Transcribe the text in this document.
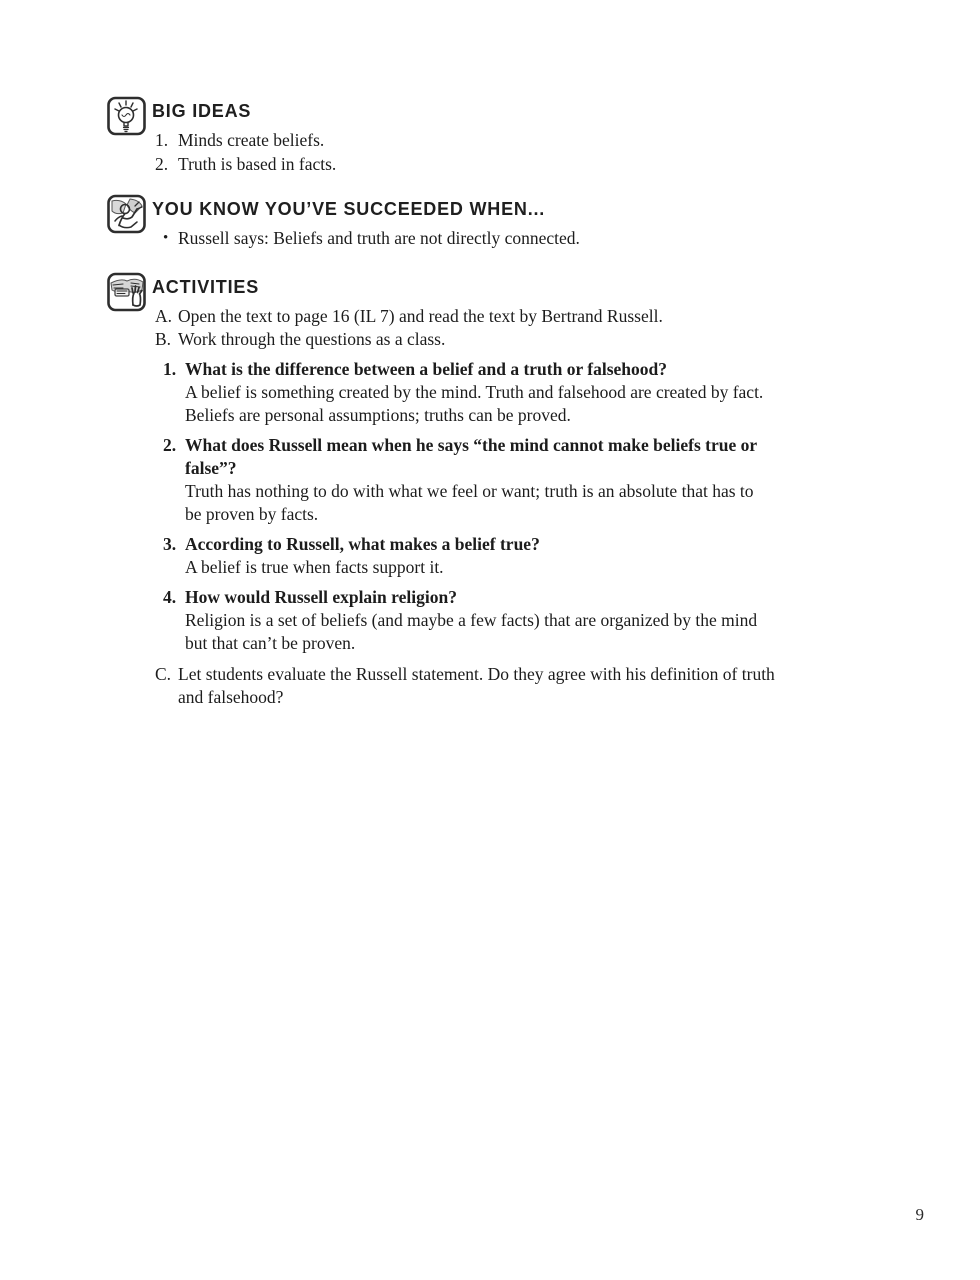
BIG IDEAS
1. Minds create beliefs.
2. Truth is based in facts.
YOU KNOW YOU’VE SUCCEEDED WHEN...
• Russell says: Beliefs and truth are not directly connected.
ACTIVITIES
A. Open the text to page 16 (IL 7) and read the text by Bertrand Russell.
B. Work through the questions as a class.
1. What is the difference between a belief and a truth or falsehood?
A belief is something created by the mind. Truth and falsehood are created by fact. Beliefs are personal assumptions; truths can be proved.
2. What does Russell mean when he says “the mind cannot make beliefs true or false”?
Truth has nothing to do with what we feel or want; truth is an absolute that has to be proven by facts.
3. According to Russell, what makes a belief true?
A belief is true when facts support it.
4. How would Russell explain religion?
Religion is a set of beliefs (and maybe a few facts) that are organized by the mind but that can’t be proven.
C. Let students evaluate the Russell statement. Do they agree with his definition of truth and falsehood?
9
